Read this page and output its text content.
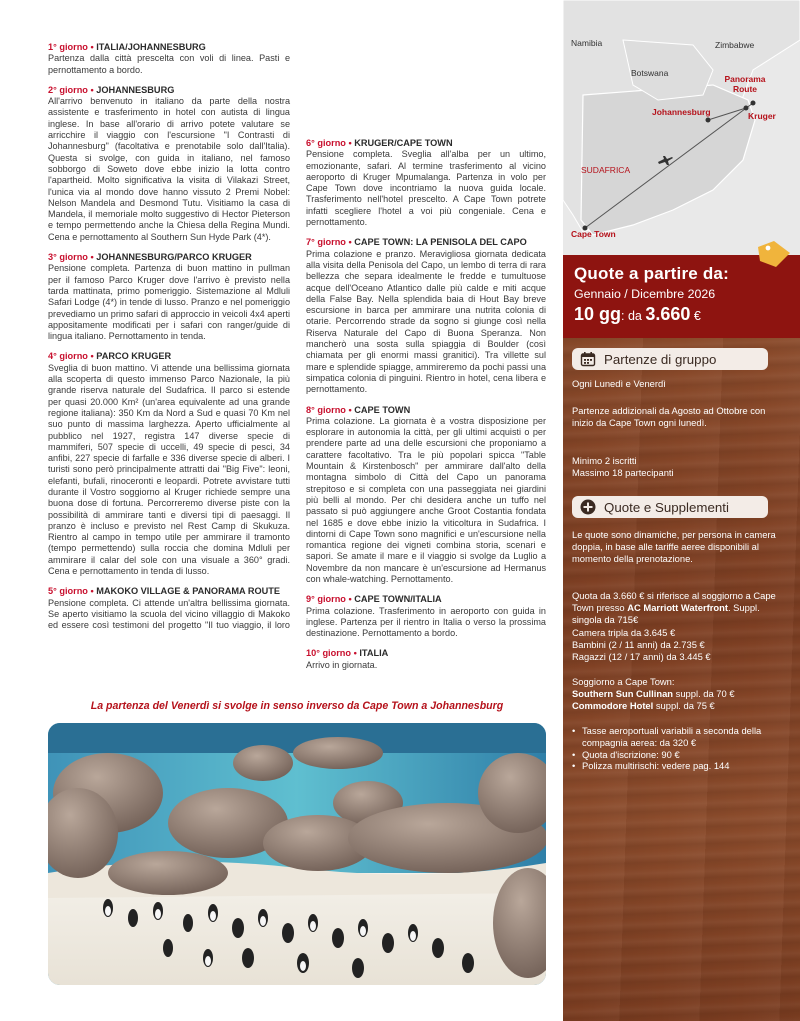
1° giorno • ITALIA/JOHANNESBURG
Partenza dalla città prescelta con voli di linea. Pasti e pernottamento a bordo.
2° giorno • JOHANNESBURG
All'arrivo benvenuto in italiano da parte della nostra assistente e trasferimento in hotel con autista di lingua inglese. In base all'orario di arrivo potete valutare se arricchire il viaggio con l'escursione "I Contrasti di Johannesburg" (facoltativa e prenotabile solo dall'Italia). Questa si svolge, con guida in italiano, nel famoso sobborgo di Soweto dove ebbe inizio la lotta contro l'apartheid. Molto significativa la visita di Vilakazi Street, l'unica via al mondo dove hanno vissuto 2 Premi Nobel: Nelson Mandela and Desmond Tutu. Visitiamo la casa di Mandela, il memoriale molto suggestivo di Hector Pieterson e tempo permettendo anche la Chiesa della Regina Mundi. Cena e pernottamento al Southern Sun Hyde Park (4*).
3° giorno • JOHANNESBURG/PARCO KRUGER
Pensione completa. Partenza di buon mattino in pullman per il famoso Parco Kruger dove l'arrivo è previsto nella tarda mattinata, primo pomeriggio. Sistemazione al Mdluli Safari Lodge (4*) in tende di lusso. Pranzo e nel pomeriggio prevediamo un primo safari di approccio in veicoli 4x4 aperti appositamente modificati per i safari con ranger/guide di lingua italiano. Pernottamento in tenda.
4° giorno • PARCO KRUGER
Sveglia di buon mattino. Vi attende una bellissima giornata alla scoperta di questo immenso Parco Nazionale, la più grande riserva naturale del Sudafrica. Il parco si estende per quasi 20.000 Km² (un'area equivalente ad una grande regione italiana): 350 Km da Nord a Sud e quasi 70 Km nel suo punto di massima larghezza. Aperto ufficialmente al pubblico nel 1927, registra 147 diverse specie di mammiferi, 507 specie di uccelli, 49 specie di pesci, 34 anfibi, 227 specie di farfalle e 336 diverse specie di alberi. I turisti sono però principalmente attratti dai "Big Five": leoni, elefanti, bufali, rinoceronti e leopardi. Potrete avvistare tutti durante il Vostro soggiorno al Kruger richiede sempre una buona dose di fortuna. Percorreremo diverse piste con la possibilità di ammirare tanti e diversi tipi di paesaggi. Il pranzo è incluso e previsto nel Rest Camp di Skukuza. Rientro al campo in tempo utile per ammirare il tramonto (tempo permettendo) sulla roccia che domina Mdluli per ammirare il calar del sole con una visuale a 360° gradi. Cena e pernottamento in tenda di lusso.
5° giorno • MAKOKO VILLAGE & PANORAMA ROUTE
Pensione completa. Ci attende un'altra bellissima giornata. Se aperto visitiamo la scuola del vicino villaggio di Makoko ed essere così testimoni del progetto "Il tuo viaggio, il loro
6° giorno • KRUGER/CAPE TOWN
Pensione completa. Sveglia all'alba per un ultimo, emozionante, safari. Al termine trasferimento al vicino aeroporto di Kruger Mpumalanga. Partenza in volo per Cape Town dove incontriamo la nuova guida locale. Trasferimento nell'hotel prescelto. A Cape Town potrete infatti scegliere l'hotel a voi più congeniale. Cena e pernottamento.
7° giorno • CAPE TOWN: LA PENISOLA DEL CAPO
Prima colazione e pranzo. Meravigliosa giornata dedicata alla visita della Penisola del Capo, un lembo di terra di rara bellezza che separa idealmente le fredde e tumultuose acque dell'Oceano Atlantico dalle più calde e miti acque della False Bay. Nella splendida baia di Hout Bay breve escursione in barca per ammirare una nutrita colonia di otarie. Percorrendo strade da sogno si giunge così nella Riserva Naturale del Capo di Buona Speranza. Non mancherò una sosta sulla spiaggia di Boulder (così chiamata per gli enormi massi granitici). Tra villette sul mare e splendide spiagge, ammireremo da pochi passi una simpatica colonia di pinguini. Rientro in hotel, cena libera e pernottamento.
8° giorno • CAPE TOWN
Prima colazione. La giornata è a vostra disposizione per esplorare in autonomia la città, per gli ultimi acquisti o per prendere parte ad una delle escursioni che proponiamo a carattere facoltativo. Tra le più popolari spicca "Table Mountain & Kirstenbosch" per ammirare dall'alto della montagna simbolo di Città del Capo un panorama strepitoso e si completa con una passeggiata nei giardini più belli al mondo. Per chi desidera anche un tuffo nel passato si può aggiungere anche Groot Costantia fondata nel 1685 e dove ebbe inizio la viticoltura in Sudafrica. I dintorni di Cape Town sono magnifici e un'escursione nella romantica regione dei vigneti combina storia, scenari e sapori. Se amate il mare e il viaggio si svolge da Luglio a Novembre da non mancare è un'escursione ad Hermanus con whale-watching. Pernottamento.
9° giorno • CAPE TOWN/ITALIA
Prima colazione. Trasferimento in aeroporto con guida in inglese. Partenza per il rientro in Italia o verso la prossima destinazione. Pernottamento a bordo.
10° giorno • ITALIA
Arrivo in giornata.
La partenza del Venerdì si svolge in senso inverso da Cape Town a Johannesburg
Namibia	Zimbabwe
Botswana
SUDAFRICA
Panorama Route
Johannesburg	Kruger
Cape Town
Quote a partire da:
Gennaio / Dicembre 2026
10 gg: da 3.660 €
Partenze di gruppo
Ogni Lunedì e Venerdì
Partenze addizionali da Agosto ad Ottobre con inizio da Cape Town ogni lunedì.
Minimo 2 iscritti
Massimo 18 partecipanti
Quote e Supplementi
Le quote sono dinamiche, per persona in camera doppia, in base alle tariffe aeree disponibili al momento della prenotazione.
Quota da 3.660 € si riferisce al soggiorno a Cape Town presso AC Marriott Waterfront. Suppl. singola da 715€
Camera tripla da 3.645 €
Bambini (2 / 11 anni) da 2.735 €
Ragazzi (12 / 17 anni) da 3.445 €
Soggiorno a Cape Town:
Southern Sun Cullinan suppl. da 70 €
Commodore Hotel suppl. da 75 €
• Tasse aeroportuali variabili a seconda della compagnia aerea: da 320 €
• Quota d'iscrizione: 90 €
• Polizza multirischi: vedere pag. 144
